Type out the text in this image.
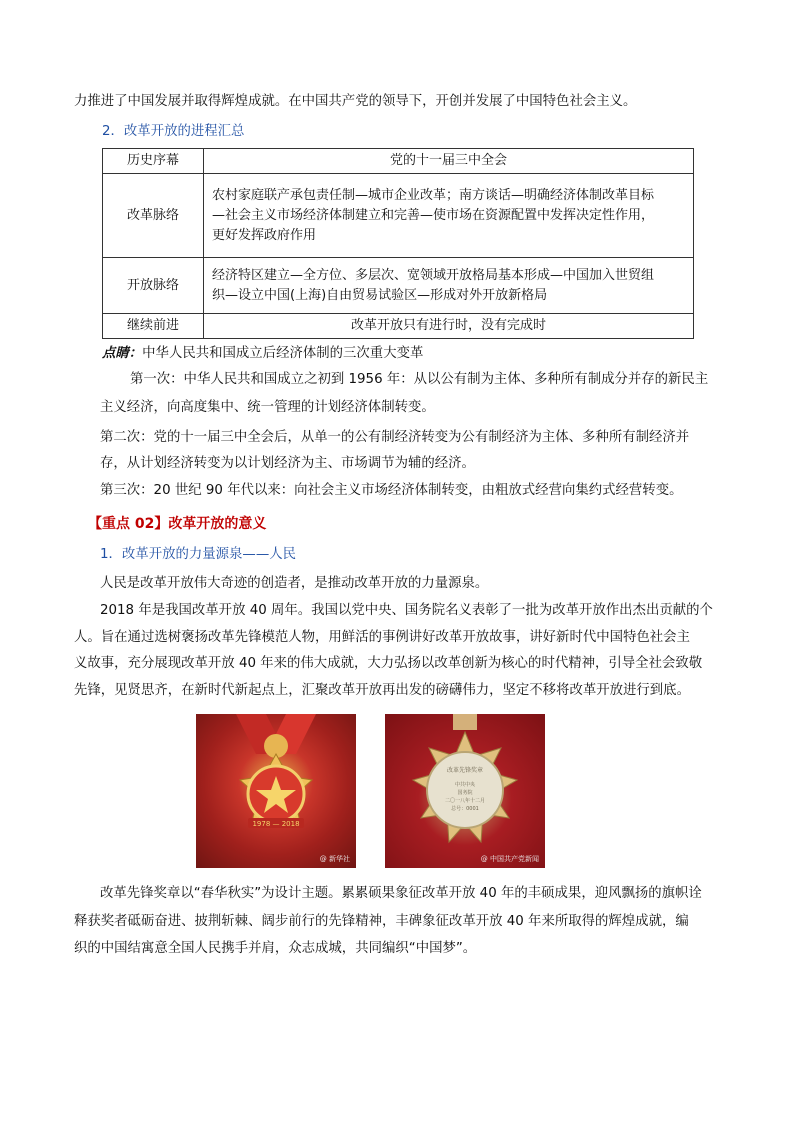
力推进了中国发展并取得辉煌成就。在中国共产党的领导下，开创并发展了中国特色社会主义。
2．改革开放的进程汇总
历史序幕	党的十一届三中全会
改革脉络	农村家庭联产承包责任制—城市企业改革；南方谈话—明确经济体制改革目标
—社会主义市场经济体制建立和完善—使市场在资源配置中发挥决定性作用，
更好发挥政府作用

开放脉络	经济特区建立—全方位、多层次、宽领域开放格局基本形成—中国加入世贸组
织—设立中国(上海)自由贸易试验区—形成对外开放新格局

继续前进	改革开放只有进行时，没有完成时
点睛：中华人民共和国成立后经济体制的三次重大变革
第一次：中华人民共和国成立之初到 1956 年：从以公有制为主体、多种所有制成分并存的新民主
主义经济，向高度集中、统一管理的计划经济体制转变。
第二次：党的十一届三中全会后，从单一的公有制经济转变为公有制经济为主体、多种所有制经济并
存，从计划经济转变为以计划经济为主、市场调节为辅的经济。
第三次：20 世纪 90 年代以来：向社会主义市场经济体制转变，由粗放式经营向集约式经营转变。
【重点 02】改革开放的意义
1．改革开放的力量源泉——人民
人民是改革开放伟大奇迹的创造者，是推动改革开放的力量源泉。
2018 年是我国改革开放 40 周年。我国以党中央、国务院名义表彰了一批为改革开放作出杰出贡献的个
人。旨在通过选树褒扬改革先锋模范人物，用鲜活的事例讲好改革开放故事，讲好新时代中国特色社会主
义故事，充分展现改革开放 40 年来的伟大成就，大力弘扬以改革创新为核心的时代精神，引导全社会致敬
先锋，见贤思齐，在新时代新起点上，汇聚改革开放再出发的磅礴伟力，坚定不移将改革开放进行到底。
1978 — 2018
@ 新华社
改革先锋奖章
中共中央
国务院
二〇一八年十二月
总号：0001
@ 中国共产党新闻
改革先锋奖章以“春华秋实”为设计主题。累累硕果象征改革开放 40 年的丰硕成果，迎风飘扬的旗帜诠
释获奖者砥砺奋进、披荆斩棘、阔步前行的先锋精神，丰碑象征改革开放 40 年来所取得的辉煌成就，编
织的中国结寓意全国人民携手并肩，众志成城，共同编织“中国梦”。
